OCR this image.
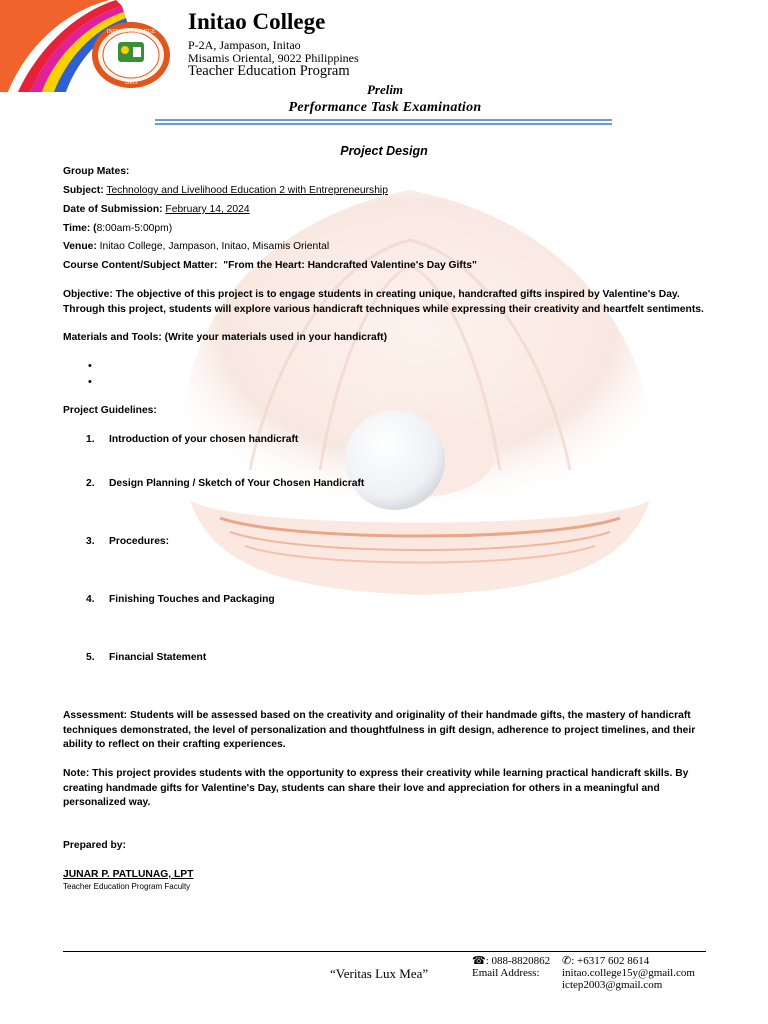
INITAO COLLEGE
2003
Initao College
P-2A, Jampason, Initao
Misamis Oriental, 9022 Philippines
Teacher Education Program
Prelim
Performance Task Examination
Project Design
Group Mates:
Subject: Technology and Livelihood Education 2 with Entrepreneurship
Date of Submission: February 14, 2024
Time: (8:00am-5:00pm)
Venue: Initao College, Jampason, Initao, Misamis Oriental
Course Content/Subject Matter: "From the Heart: Handcrafted Valentine's Day Gifts"
Objective: The objective of this project is to engage students in creating unique, handcrafted gifts inspired by Valentine's Day. Through this project, students will explore various handicraft techniques while expressing their creativity and heartfelt sentiments.
Materials and Tools: (Write your materials used in your handicraft)
•
•
Project Guidelines:
1. Introduction of your chosen handicraft
2. Design Planning / Sketch of Your Chosen Handicraft
3. Procedures:
4. Finishing Touches and Packaging
5. Financial Statement
Assessment: Students will be assessed based on the creativity and originality of their handmade gifts, the mastery of handicraft techniques demonstrated, the level of personalization and thoughtfulness in gift design, adherence to project timelines, and their ability to reflect on their crafting experiences.
Note: This project provides students with the opportunity to express their creativity while learning practical handicraft skills. By creating handmade gifts for Valentine's Day, students can share their love and appreciation for others in a meaningful and personalized way.
Prepared by:
JUNAR P. PATLUNAG, LPT
Teacher Education Program Faculty
“Veritas Lux Mea”
☎: 088-8820862 ✆: +6317 602 8614
Email Address: initao.college15y@gmail.com
ictep2003@gmail.com
